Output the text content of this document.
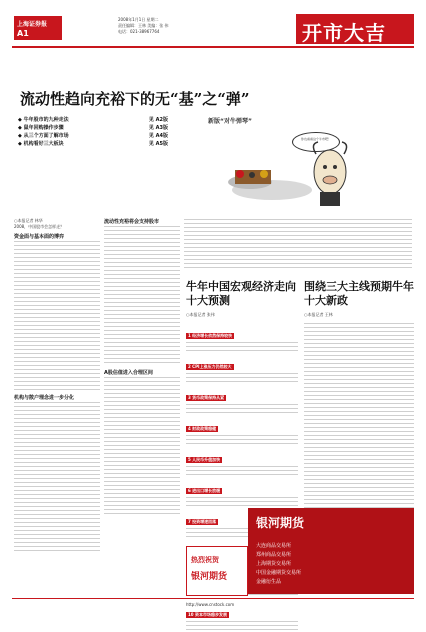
上海证券报
A1
2008年1月1日 星期二
责任编辑：王林 美编：张 伟
电话：021-38967764	开市大吉
流动性趋向充裕下的无“基”之“弹”
◆ 牛年股市的九种走法	见 A2版
◆ 鼠年回购操作步骤	见 A3版
◆ 从三个方面了解市场	见 A4版
◆ 机构看好三大板块	见 A5版
新版“对牛弹琴”
你也看看这个牛市吧！
○本报记者 林华
2008，中国股市会怎样走？
资金面与基本面的博弈
机构与散户理念进一步分化
流动性充裕将会支持股市
A股估值进入合理区间
牛年中国宏观经济走向十大预测
围绕三大主线预期牛年十大新政
○本报记者 张伟	○本报记者 王林
1 经济增长依然保持较快
2 CPI上涨压力仍然较大
3 货币政策保持从紧
4 财政政策稳健
5 人民币升值加快
6 进出口增长放缓
7 投资增速回落
10 资本市场稳步发展
热烈祝贺
银河期货
银河期货
大连商品交易所
郑州商品交易所
上海期货交易所
中国金融期货交易所
金融衍生品
http://www.cnstock.com
